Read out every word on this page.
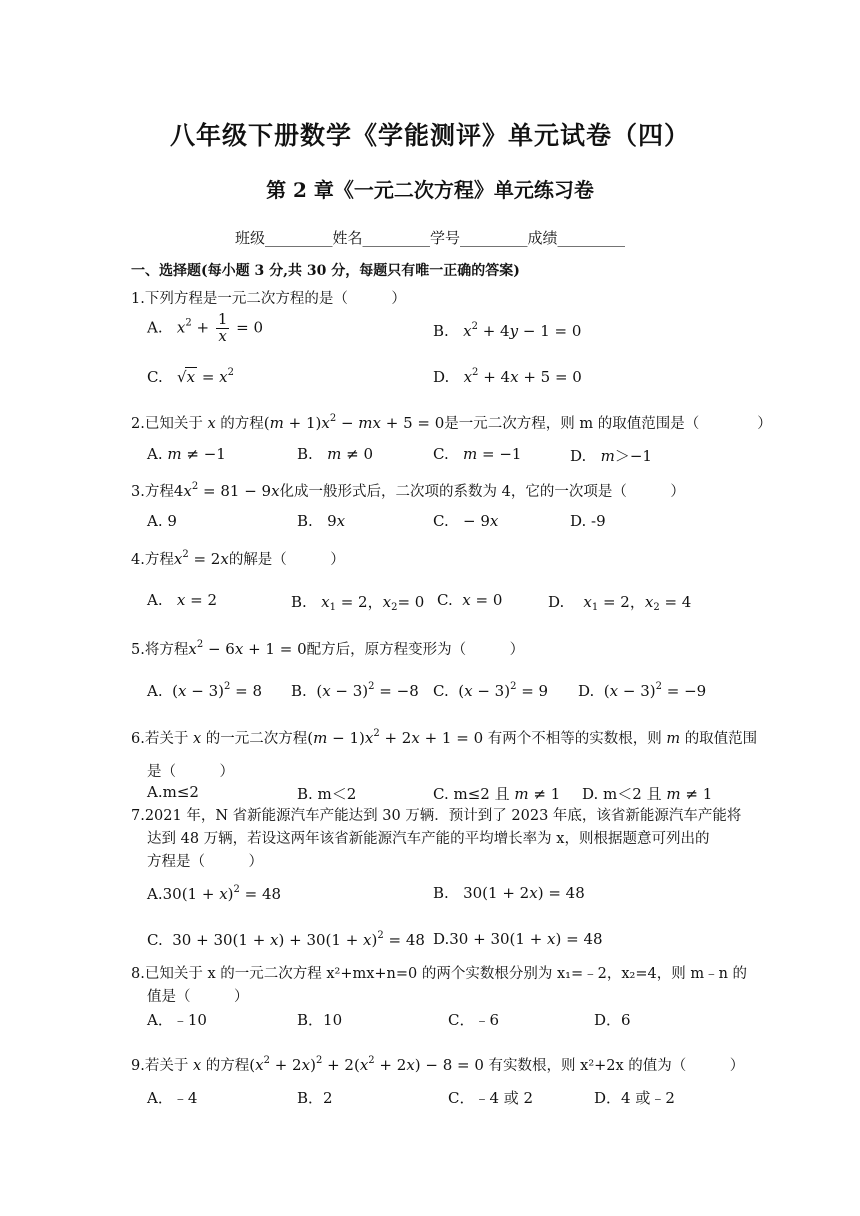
八年级下册数学《学能测评》单元试卷（四）
第 2 章《一元二次方程》单元练习卷
班级_________姓名_________学号_________成绩_________
一、选择题(每小题 3 分,共 30 分，每题只有唯一正确的答案)
1.下列方程是一元二次方程的是（　　　）
A.   $x^2 + \frac{1}{x} = 0$	B.   $x^2 + 4y - 1 = 0$
C.   $√x = x^2$	D.   $x^2 + 4x + 5 = 0$
2.已知关于 x 的方程$(m + 1)x^2$ − mx + 5 = 0是一元二次方程，则 m 的取值范围是（　　　　）
A. m ≠ −1	B.   m ≠ 0	C.   m = −1	D.   m＞−1
3.方程$4x^2 = 81 - 9x$化成一般形式后，二次项的系数为 4，它的一次项是（　　　）
A. 9	B.   9x	C.   − 9x	D. -9
4.方程$x^2 = 2x$的解是（　　　）
A.   x = 2	B.   $x_1 = 2$，$x_2= 0$ C.  x = 0	D.    $x_1 = 2$，$x_2 = 4$
5.将方程$x^2 - 6x + 1 = 0$配方后，原方程变形为（　　　）
A.  $(x - 3)^2 = 8$ B.  $(x - 3)^2 = -8$ C.  $(x - 3)^2 = 9$ D.  $(x - 3)^2 = -9$
6.若关于 x 的一元二次方程$(m - 1)x^2 + 2x + 1 = 0$ 有两个不相等的实数根，则 m 的取值范围
是（　　　）
A.m≤2	B. m＜2	C. m≤2 且 m ≠ 1 D. m＜2 且 m ≠ 1
7.2021 年，N 省新能源汽车产能达到 30 万辆．预计到了 2023 年底，该省新能源汽车产能将
达到 48 万辆，若设这两年该省新能源汽车产能的平均增长率为 x，则根据题意可列出的
方程是（　　　）
$A.30(1 + x)^2 = 48$	B.   30(1 + 2x) = 48
C.  $30 + 30(1 + x) + 30(1 + x)^2 = 48$ D.30 + 30(1 + x) = 48
8.已知关于 x 的一元二次方程 x²+mx+n=0 的两个实数根分别为 x₁=﹣2，x₂=4，则 m﹣n 的
值是（　　　）
A．﹣10	B．10	C．﹣6	D．6
9.若关于 x 的方程$(x^2 + 2x)^2 + 2(x^2 + 2x) - 8 = 0$ 有实数根，则 x²+2x 的值为（　　　）
A．﹣4	B．2	C．﹣4 或 2	D．4 或﹣2
